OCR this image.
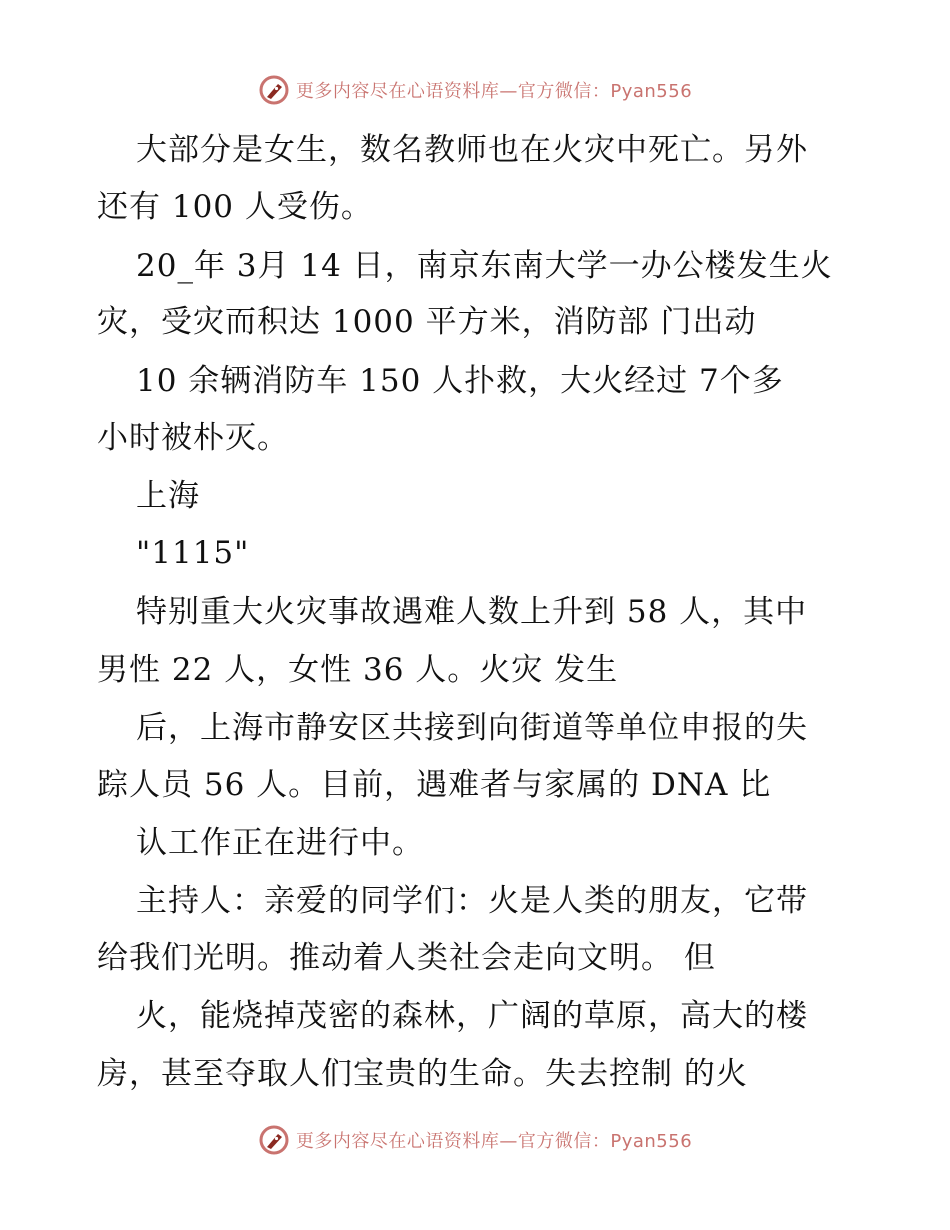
更多内容尽在心语资料库—官方微信：Pyan556
大部分是女生，数名教师也在火灾中死亡。另外
还有 100 人受伤。
20_年 3月 14 日，南京东南大学一办公楼发生火
灾，受灾而积达 1000 平方米，消防部 门出动
10 余辆消防车 150 人扑救，大火经过 7个多
小时被朴灭。
上海
"1115"
特别重大火灾事故遇难人数上升到 58 人，其中
男性 22 人，女性 36 人。火灾 发生
后，上海市静安区共接到向街道等单位申报的失
踪人员 56 人。目前，遇难者与家属的 DNA 比
认工作正在进行中。
主持人：亲爱的同学们：火是人类的朋友，它带
给我们光明。推动着人类社会走向文明。 但
火，能烧掉茂密的森林，广阔的草原，高大的楼
房，甚至夺取人们宝贵的生命。失去控制 的火
更多内容尽在心语资料库—官方微信：Pyan556
